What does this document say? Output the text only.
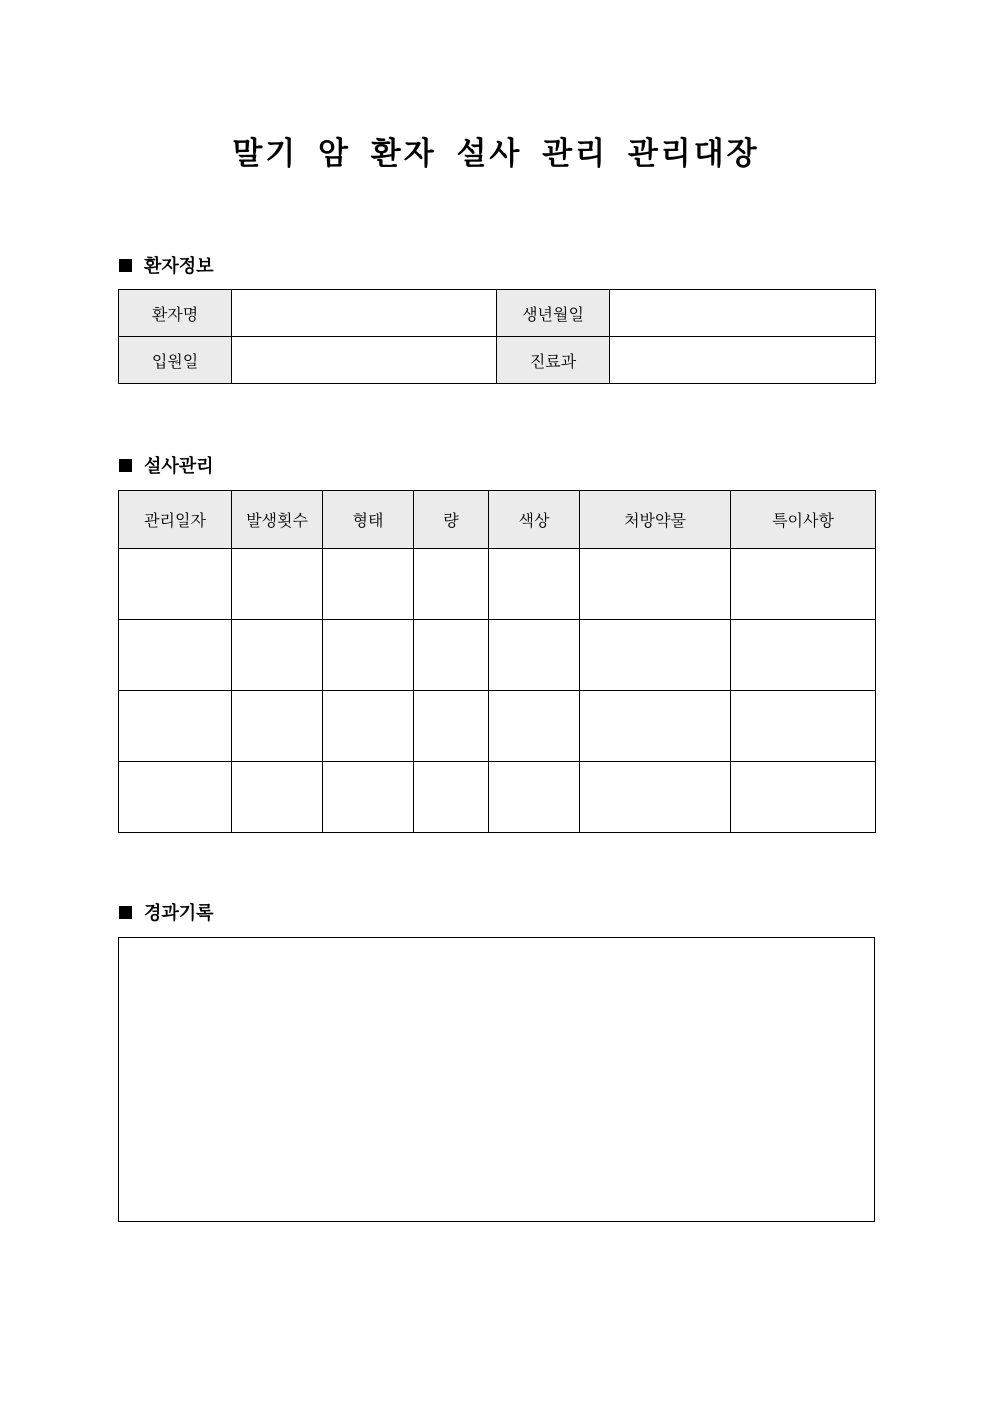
말기 암 환자 설사 관리 관리대장
환자정보
환자명		생년월일	
입원일		진료과	
설사관리
관리일자	발생횟수	형태	량	색상	처방약물	특이사항

경과기록
